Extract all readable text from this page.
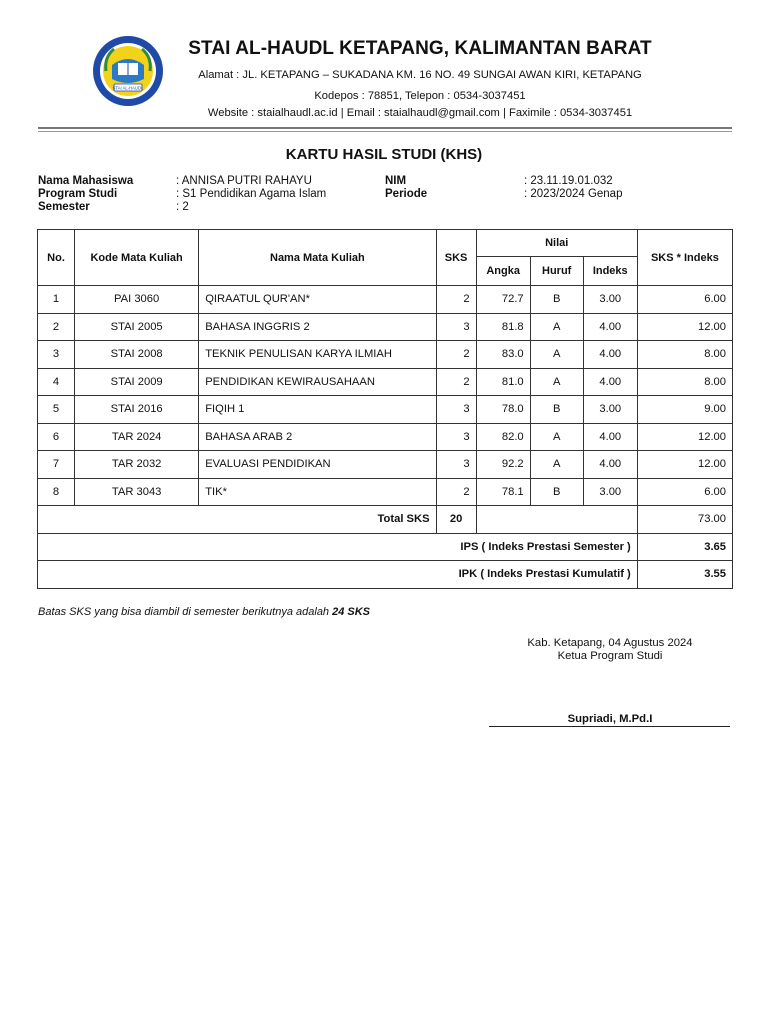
STAI AL-HAUDL
STAI AL-HAUDL KETAPANG, KALIMANTAN BARAT
Alamat : JL. KETAPANG – SUKADANA KM. 16 NO. 49 SUNGAI AWAN KIRI, KETAPANG
Kodepos : 78851, Telepon : 0534-3037451
Website : staialhaudl.ac.id | Email : staialhaudl@gmail.com | Faximile : 0534-3037451
KARTU HASIL STUDI (KHS)
Nama Mahasiswa	: ANNISA PUTRI RAHAYU
Program Studi	: S1 Pendidikan Agama Islam
Semester	: 2
NIM	: 23.11.19.01.032
Periode	: 2023/2024 Genap
No.	Kode Mata Kuliah	Nama Mata Kuliah	SKS	Nilai			SKS * Indeks
				Angka	Huruf	Indeks	
1	PAI 3060	QIRAATUL QUR'AN*	2	72.7	B	3.00	6.00
2	STAI 2005	BAHASA INGGRIS 2	3	81.8	A	4.00	12.00
3	STAI 2008	TEKNIK PENULISAN KARYA ILMIAH	2	83.0	A	4.00	8.00
4	STAI 2009	PENDIDIKAN KEWIRAUSAHAAN	2	81.0	A	4.00	8.00
5	STAI 2016	FIQIH 1	3	78.0	B	3.00	9.00
6	TAR 2024	BAHASA ARAB 2	3	82.0	A	4.00	12.00
7	TAR 2032	EVALUASI PENDIDIKAN	3	92.2	A	4.00	12.00
8	TAR 3043	TIK*	2	78.1	B	3.00	6.00
Total SKS			20				73.00
IPS ( Indeks Prestasi Semester )							3.65
IPK ( Indeks Prestasi Kumulatif )							3.55
Batas SKS yang bisa diambil di semester berikutnya adalah 24 SKS
Kab. Ketapang, 04 Agustus 2024
Ketua Program Studi
Supriadi, M.Pd.I
